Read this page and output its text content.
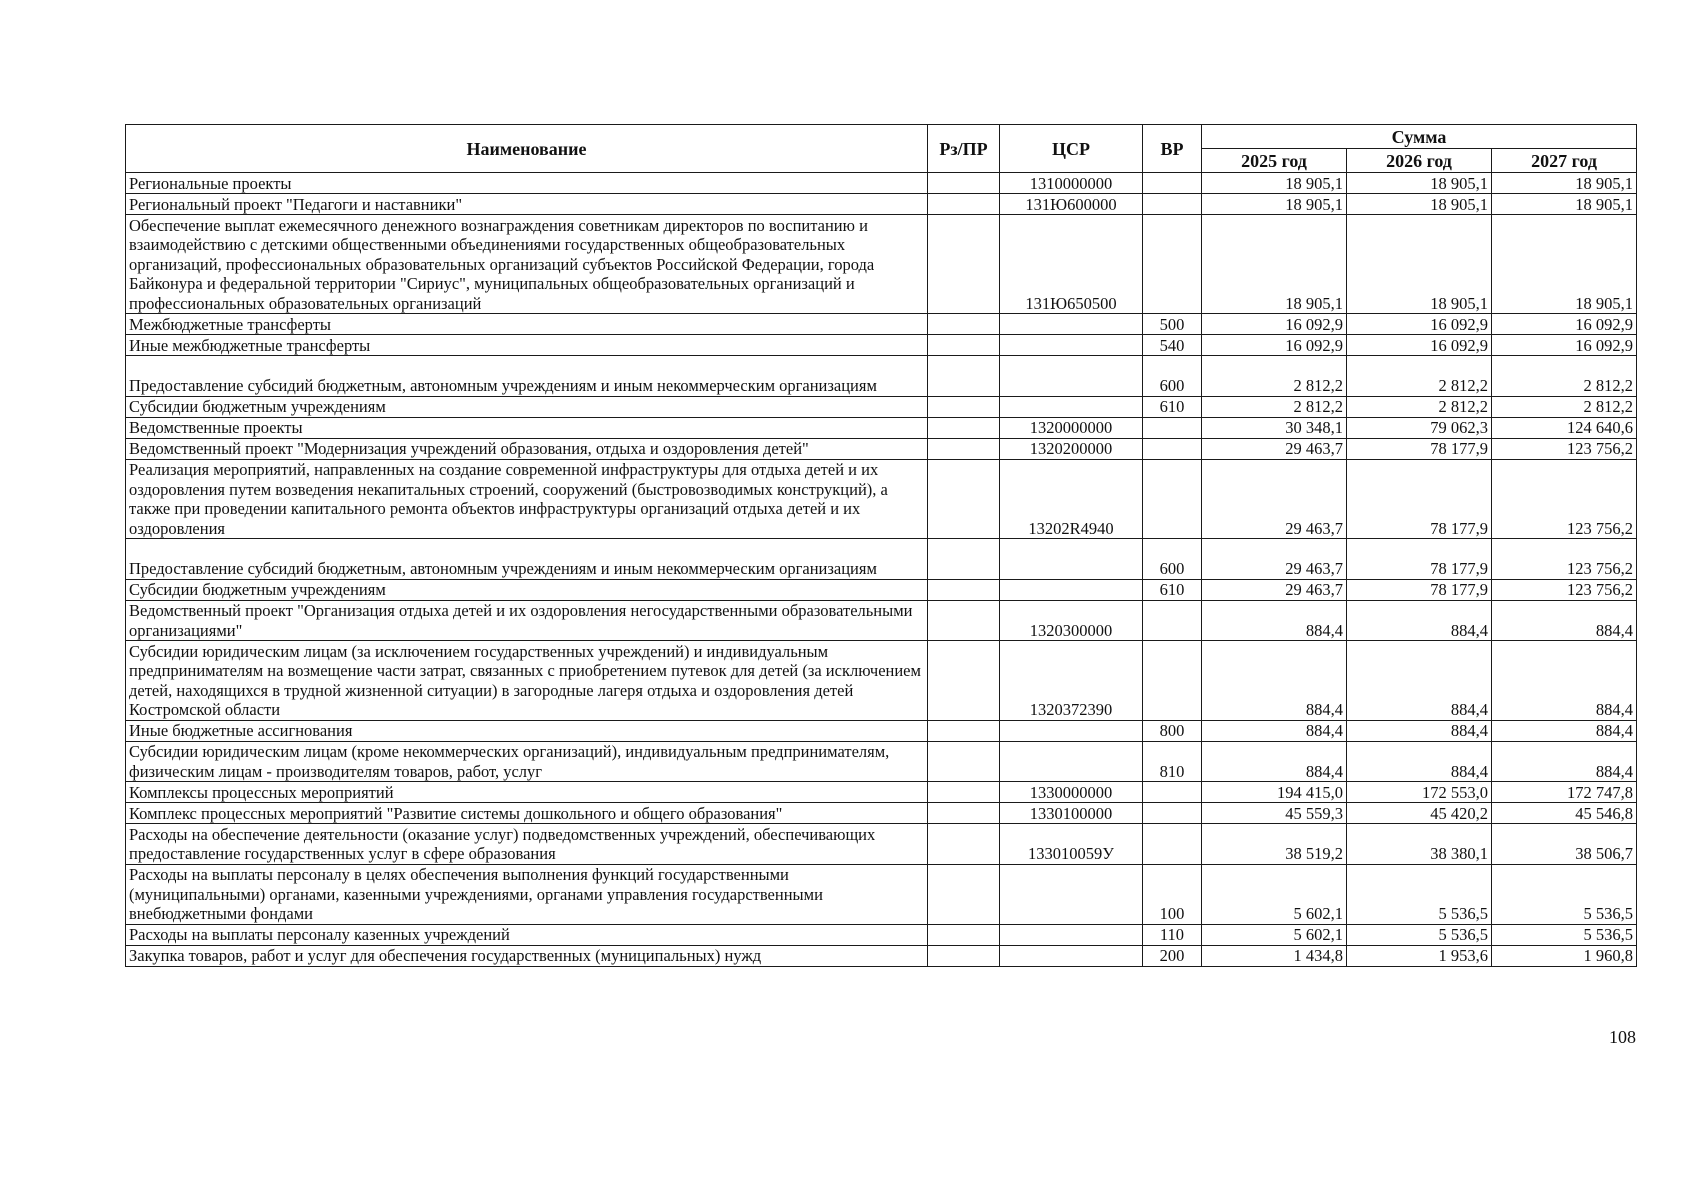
Наименование	Рз/ПР	ЦСР	ВР	Сумма		
				2025 год	2026 год	2027 год
Региональные проекты		1310000000		18 905,1	18 905,1	18 905,1
Региональный проект "Педагоги и наставники"		131Ю600000		18 905,1	18 905,1	18 905,1
Обеспечение выплат ежемесячного денежного вознаграждения советникам директоров по воспитанию и взаимодействию с детскими общественными объединениями государственных общеобразовательных организаций, профессиональных образовательных организаций субъектов Российской Федерации, города Байконура и федеральной территории "Сириус", муниципальных общеобразовательных организаций и профессиональных образовательных организаций		131Ю650500		18 905,1	18 905,1	18 905,1
Межбюджетные трансферты			500	16 092,9	16 092,9	16 092,9
Иные межбюджетные трансферты			540	16 092,9	16 092,9	16 092,9
Предоставление субсидий бюджетным, автономным учреждениям и иным некоммерческим организациям			600	2 812,2	2 812,2	2 812,2
Субсидии бюджетным учреждениям			610	2 812,2	2 812,2	2 812,2
Ведомственные проекты		1320000000		30 348,1	79 062,3	124 640,6
Ведомственный проект "Модернизация учреждений образования, отдыха и оздоровления детей"		1320200000		29 463,7	78 177,9	123 756,2
Реализация мероприятий, направленных на создание современной инфраструктуры для отдыха детей и их оздоровления путем возведения некапитальных строений, сооружений (быстровозводимых конструкций), а также при проведении капитального ремонта объектов инфраструктуры организаций отдыха детей и их оздоровления		13202R4940		29 463,7	78 177,9	123 756,2
Предоставление субсидий бюджетным, автономным учреждениям и иным некоммерческим организациям			600	29 463,7	78 177,9	123 756,2
Субсидии бюджетным учреждениям			610	29 463,7	78 177,9	123 756,2
Ведомственный проект "Организация отдыха детей и их оздоровления негосударственными образовательными организациями"		1320300000		884,4	884,4	884,4
Субсидии юридическим лицам (за исключением государственных учреждений) и индивидуальным предпринимателям на возмещение части затрат, связанных с приобретением путевок для детей (за исключением детей, находящихся в трудной жизненной ситуации) в загородные лагеря отдыха и оздоровления детей Костромской области		1320372390		884,4	884,4	884,4
Иные бюджетные ассигнования			800	884,4	884,4	884,4
Субсидии юридическим лицам (кроме некоммерческих организаций), индивидуальным предпринимателям, физическим лицам - производителям товаров, работ, услуг			810	884,4	884,4	884,4
Комплексы процессных мероприятий		1330000000		194 415,0	172 553,0	172 747,8
Комплекс процессных мероприятий "Развитие системы дошкольного и общего образования"		1330100000		45 559,3	45 420,2	45 546,8
Расходы на обеспечение деятельности (оказание услуг) подведомственных учреждений, обеспечивающих предоставление государственных услуг в сфере образования		133010059У		38 519,2	38 380,1	38 506,7
Расходы на выплаты персоналу в целях обеспечения выполнения функций государственными (муниципальными) органами, казенными учреждениями, органами управления государственными внебюджетными фондами			100	5 602,1	5 536,5	5 536,5
Расходы на выплаты персоналу казенных учреждений			110	5 602,1	5 536,5	5 536,5
Закупка товаров, работ и услуг для обеспечения государственных (муниципальных) нужд			200	1 434,8	1 953,6	1 960,8
108
